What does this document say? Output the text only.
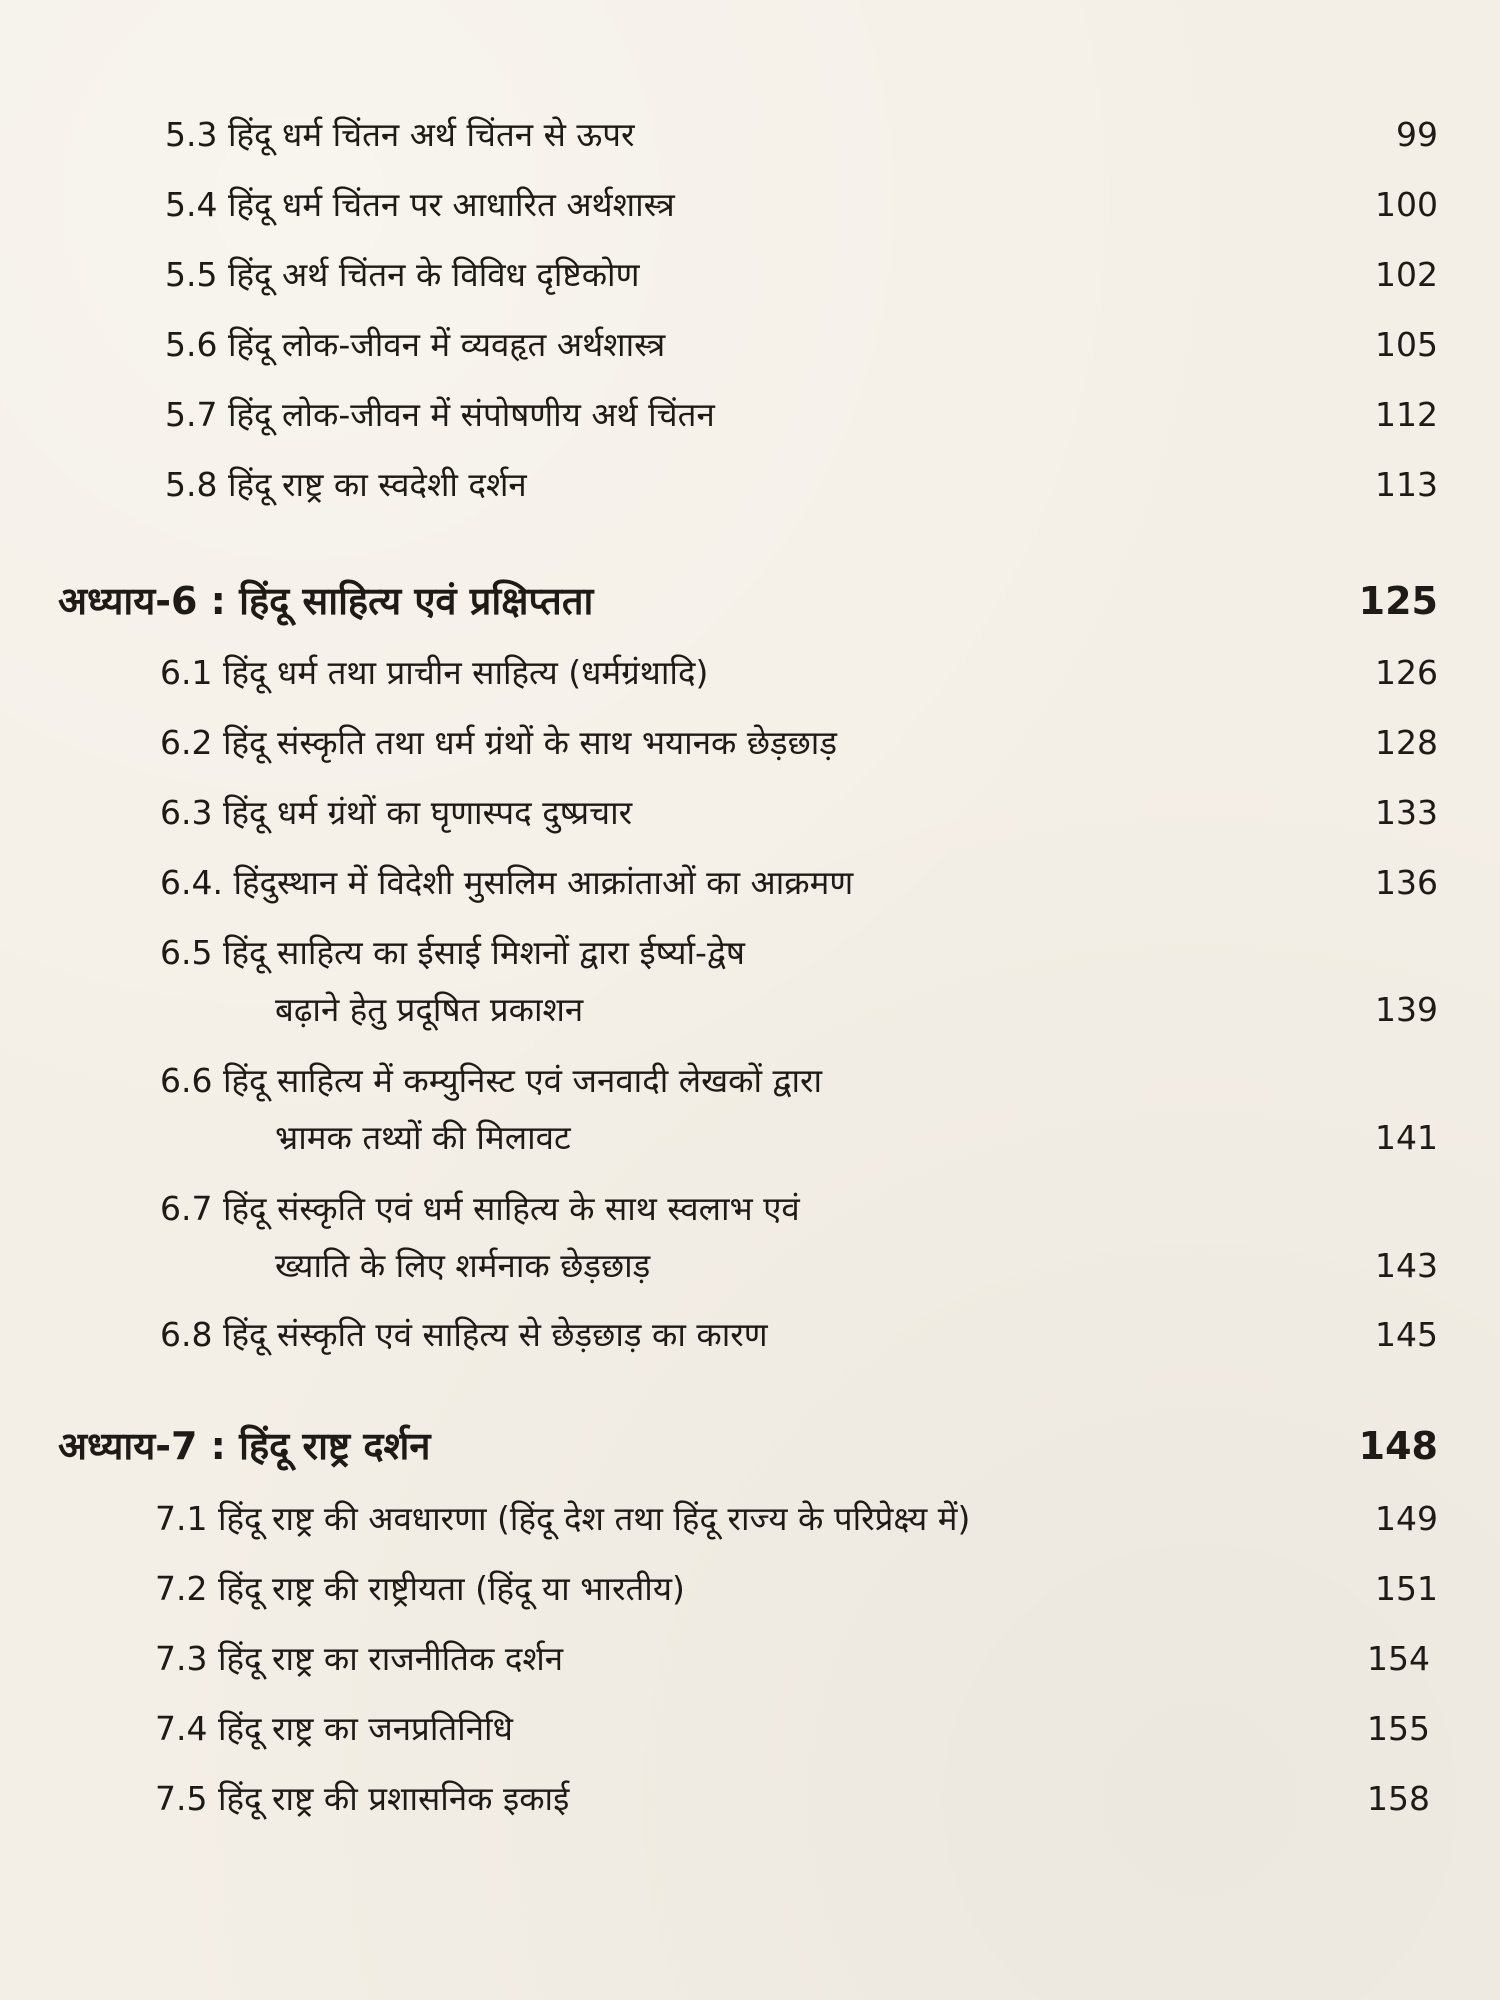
5.3 हिंदू धर्म चिंतन अर्थ चिंतन से ऊपर	99
5.4 हिंदू धर्म चिंतन पर आधारित अर्थशास्त्र	100
5.5 हिंदू अर्थ चिंतन के विविध दृष्टिकोण	102
5.6 हिंदू लोक-जीवन में व्यवहृत अर्थशास्त्र	105
5.7 हिंदू लोक-जीवन में संपोषणीय अर्थ चिंतन	112
5.8 हिंदू राष्ट्र का स्वदेशी दर्शन	113
अध्याय-6 : हिंदू साहित्य एवं प्रक्षिप्तता	125
6.1 हिंदू धर्म तथा प्राचीन साहित्य (धर्मग्रंथादि)	126
6.2 हिंदू संस्कृति तथा धर्म ग्रंथों के साथ भयानक छेड़छाड़	128
6.3 हिंदू धर्म ग्रंथों का घृणास्पद दुष्प्रचार	133
6.4. हिंदुस्थान में विदेशी मुसलिम आक्रांताओं का आक्रमण	136
6.5 हिंदू साहित्य का ईसाई मिशनों द्वारा ईर्ष्या-द्वेष
बढ़ाने हेतु प्रदूषित प्रकाशन	139
6.6 हिंदू साहित्य में कम्युनिस्ट एवं जनवादी लेखकों द्वारा
भ्रामक तथ्यों की मिलावट	141
6.7 हिंदू संस्कृति एवं धर्म साहित्य के साथ स्वलाभ एवं
ख्याति के लिए शर्मनाक छेड़छाड़	143
6.8 हिंदू संस्कृति एवं साहित्य से छेड़छाड़ का कारण	145
अध्याय-7 : हिंदू राष्ट्र दर्शन	148
7.1 हिंदू राष्ट्र की अवधारणा (हिंदू देश तथा हिंदू राज्य के परिप्रेक्ष्य में)	149
7.2 हिंदू राष्ट्र की राष्ट्रीयता (हिंदू या भारतीय)	151
7.3 हिंदू राष्ट्र का राजनीतिक दर्शन	154
7.4 हिंदू राष्ट्र का जनप्रतिनिधि	155
7.5 हिंदू राष्ट्र की प्रशासनिक इकाई	158
